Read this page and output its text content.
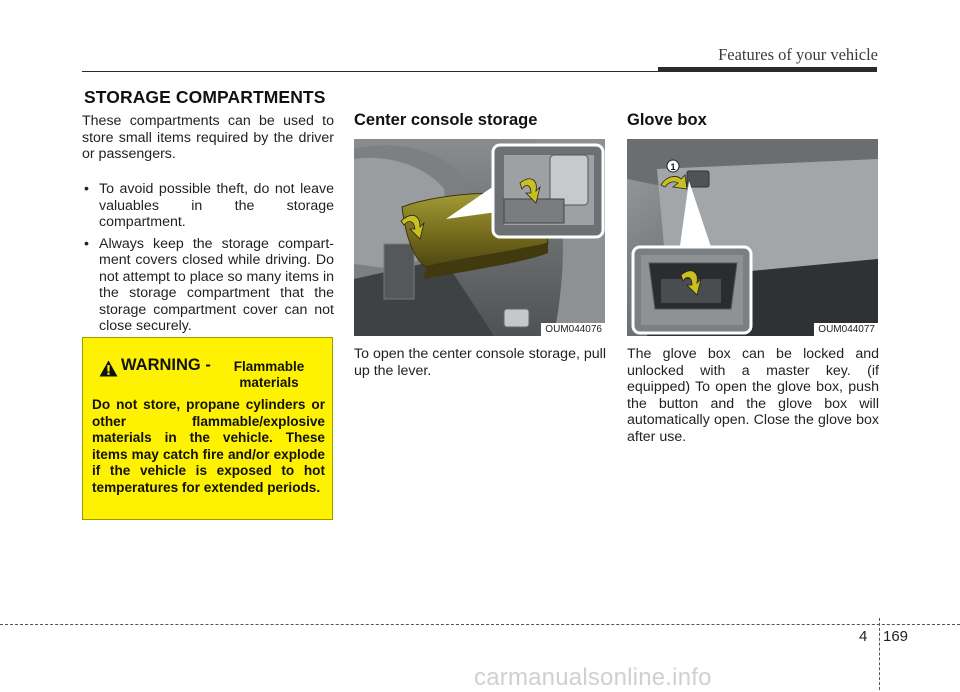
Features of your vehicle
STORAGE COMPARTMENTS
These compartments can be used to store small items required by the driver or passengers.
• To avoid possible theft, do not leave valuables in the storage compartment.
• Always keep the storage compart-ment covers closed while driving. Do not attempt to place so many items in the storage compartment that the storage compartment cover can not close securely.
WARNING -	Flammable
materials
Do not store, propane cylinders or other flammable/explosive materials in the vehicle. These items may catch fire and/or explode if the vehicle is exposed to hot temperatures for extended periods.
Center console storage
OUM044076
To open the center console storage, pull up the lever.
Glove box
1
OUM044077
The glove box can be locked and unlocked with a master key. (if equipped) To open the glove box, push the button and the glove box will automatically open. Close the glove box after use.
4 169
carmanualsonline.info
